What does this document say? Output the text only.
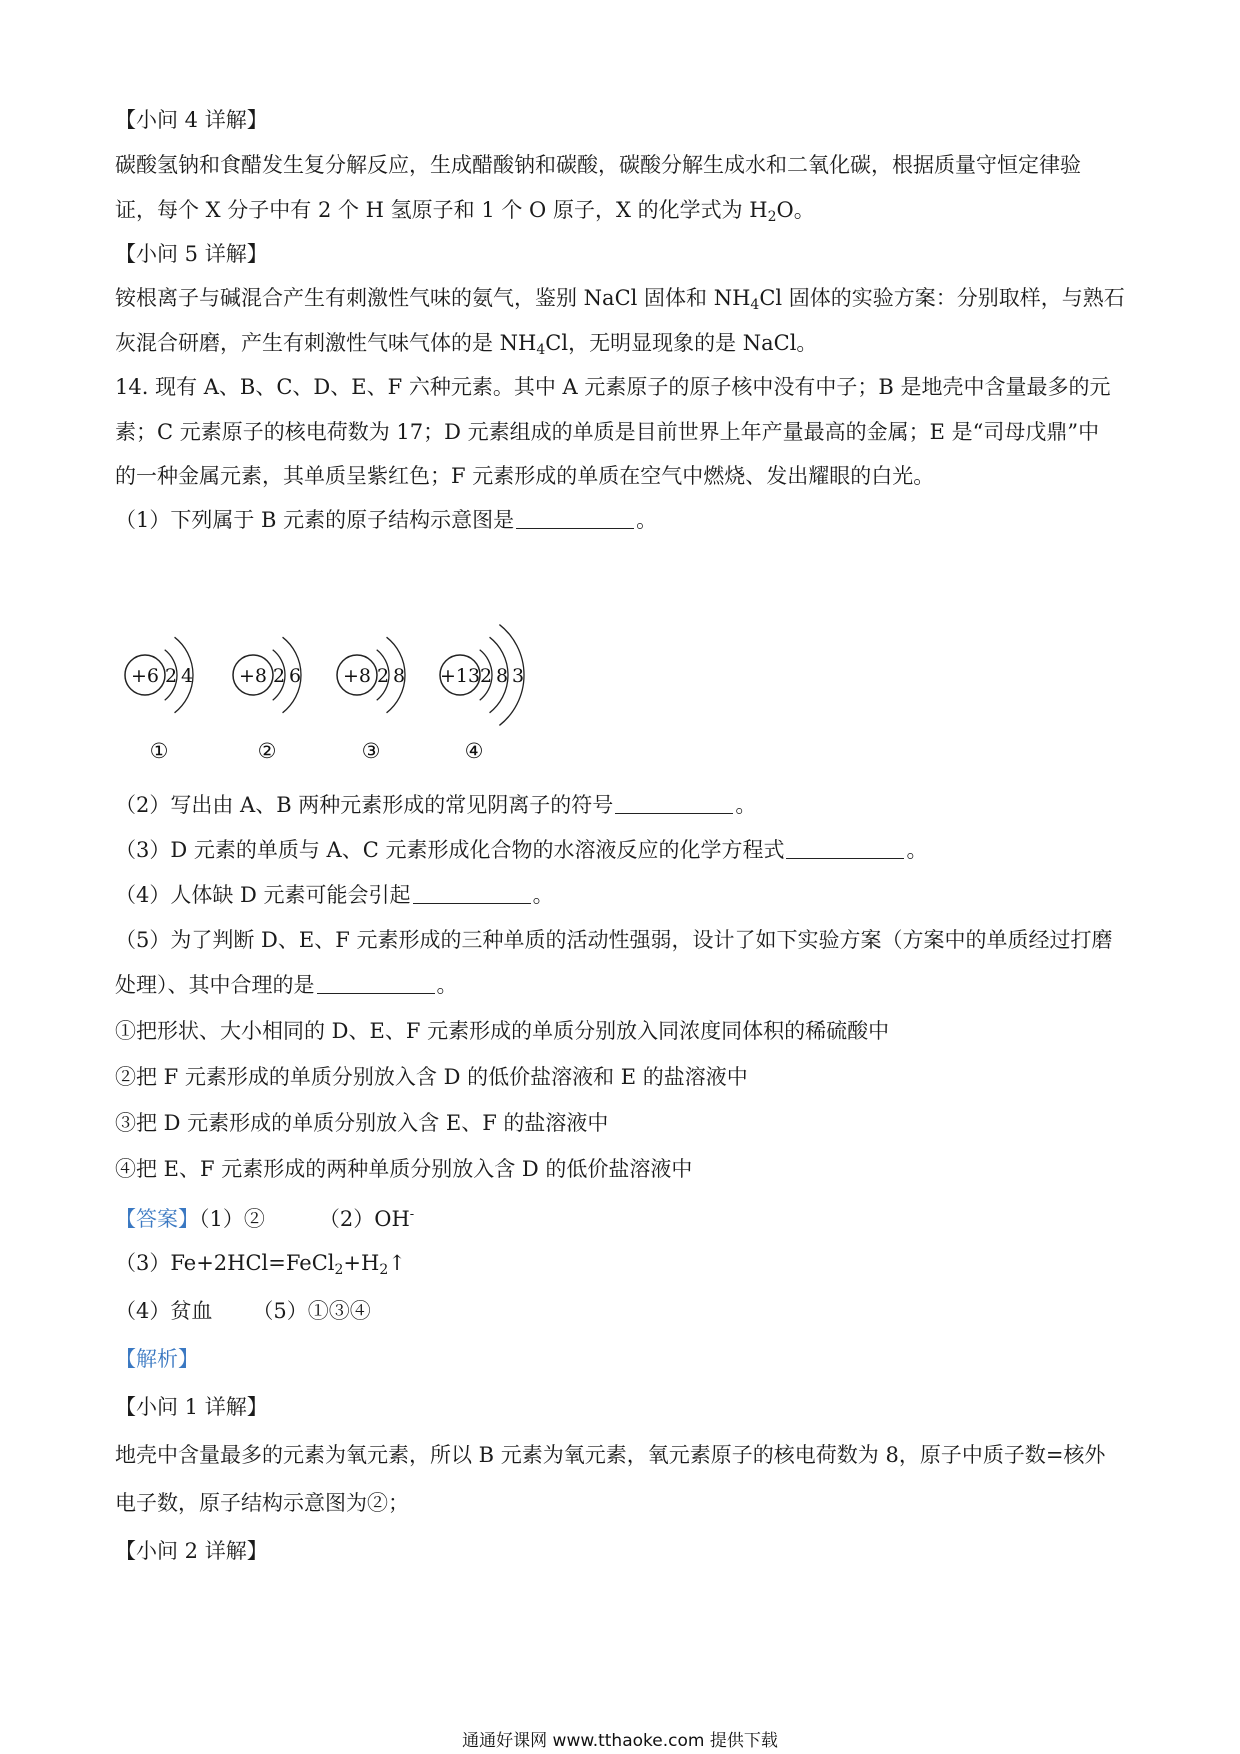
【小问 4 详解】
碳酸氢钠和食醋发生复分解反应，生成醋酸钠和碳酸，碳酸分解生成水和二氧化碳，根据质量守恒定律验
证，每个 X 分子中有 2 个 H 氢原子和 1 个 O 原子，X 的化学式为 $H_2O$。
【小问 5 详解】
铵根离子与碱混合产生有刺激性气味的氨气，鉴别 NaCl 固体和 $NH_4Cl$ 固体的实验方案：分别取样，与熟石
灰混合研磨，产生有刺激性气味气体的是 $NH_4Cl$，无明显现象的是 NaCl。
14. 现有 A、B、C、D、E、F 六种元素。其中 A 元素原子的原子核中没有中子；B 是地壳中含量最多的元
素；C 元素原子的核电荷数为 17；D 元素组成的单质是目前世界上年产量最高的金属；E 是“司母戊鼎”中
的一种金属元素，其单质呈紫红色；F 元素形成的单质在空气中燃烧、发出耀眼的白光。
（1）下列属于 B 元素的原子结构示意图是	。
+6 2 4
①
+8 2 6
②
+8 2 8
③
+13 2 8 3
④
（2）写出由 A、B 两种元素形成的常见阴离子的符号	。
（3）D 元素的单质与 A、C 元素形成化合物的水溶液反应的化学方程式	。
（4）人体缺 D 元素可能会引起	。
（5）为了判断 D、E、F 元素形成的三种单质的活动性强弱，设计了如下实验方案（方案中的单质经过打磨
处理）、其中合理的是	。
①把形状、大小相同的 D、E、F 元素形成的单质分别放入同浓度同体积的稀硫酸中
②把 F 元素形成的单质分别放入含 D 的低价盐溶液和 E 的盐溶液中
③把 D 元素形成的单质分别放入含 E、F 的盐溶液中
④把 E、F 元素形成的两种单质分别放入含 D 的低价盐溶液中
【答案】（1）②	（2）OH-
$(3)Fe+2HCl=FeCl_2+H_2↑$
（4）贫血 （5）①③④
【解析】
【小问 1 详解】
地壳中含量最多的元素为氧元素，所以 B 元素为氧元素，氧元素原子的核电荷数为 8，原子中质子数=核外
电子数，原子结构示意图为②；
【小问 2 详解】
通通好课网 www.tthaoke.com 提供下载
